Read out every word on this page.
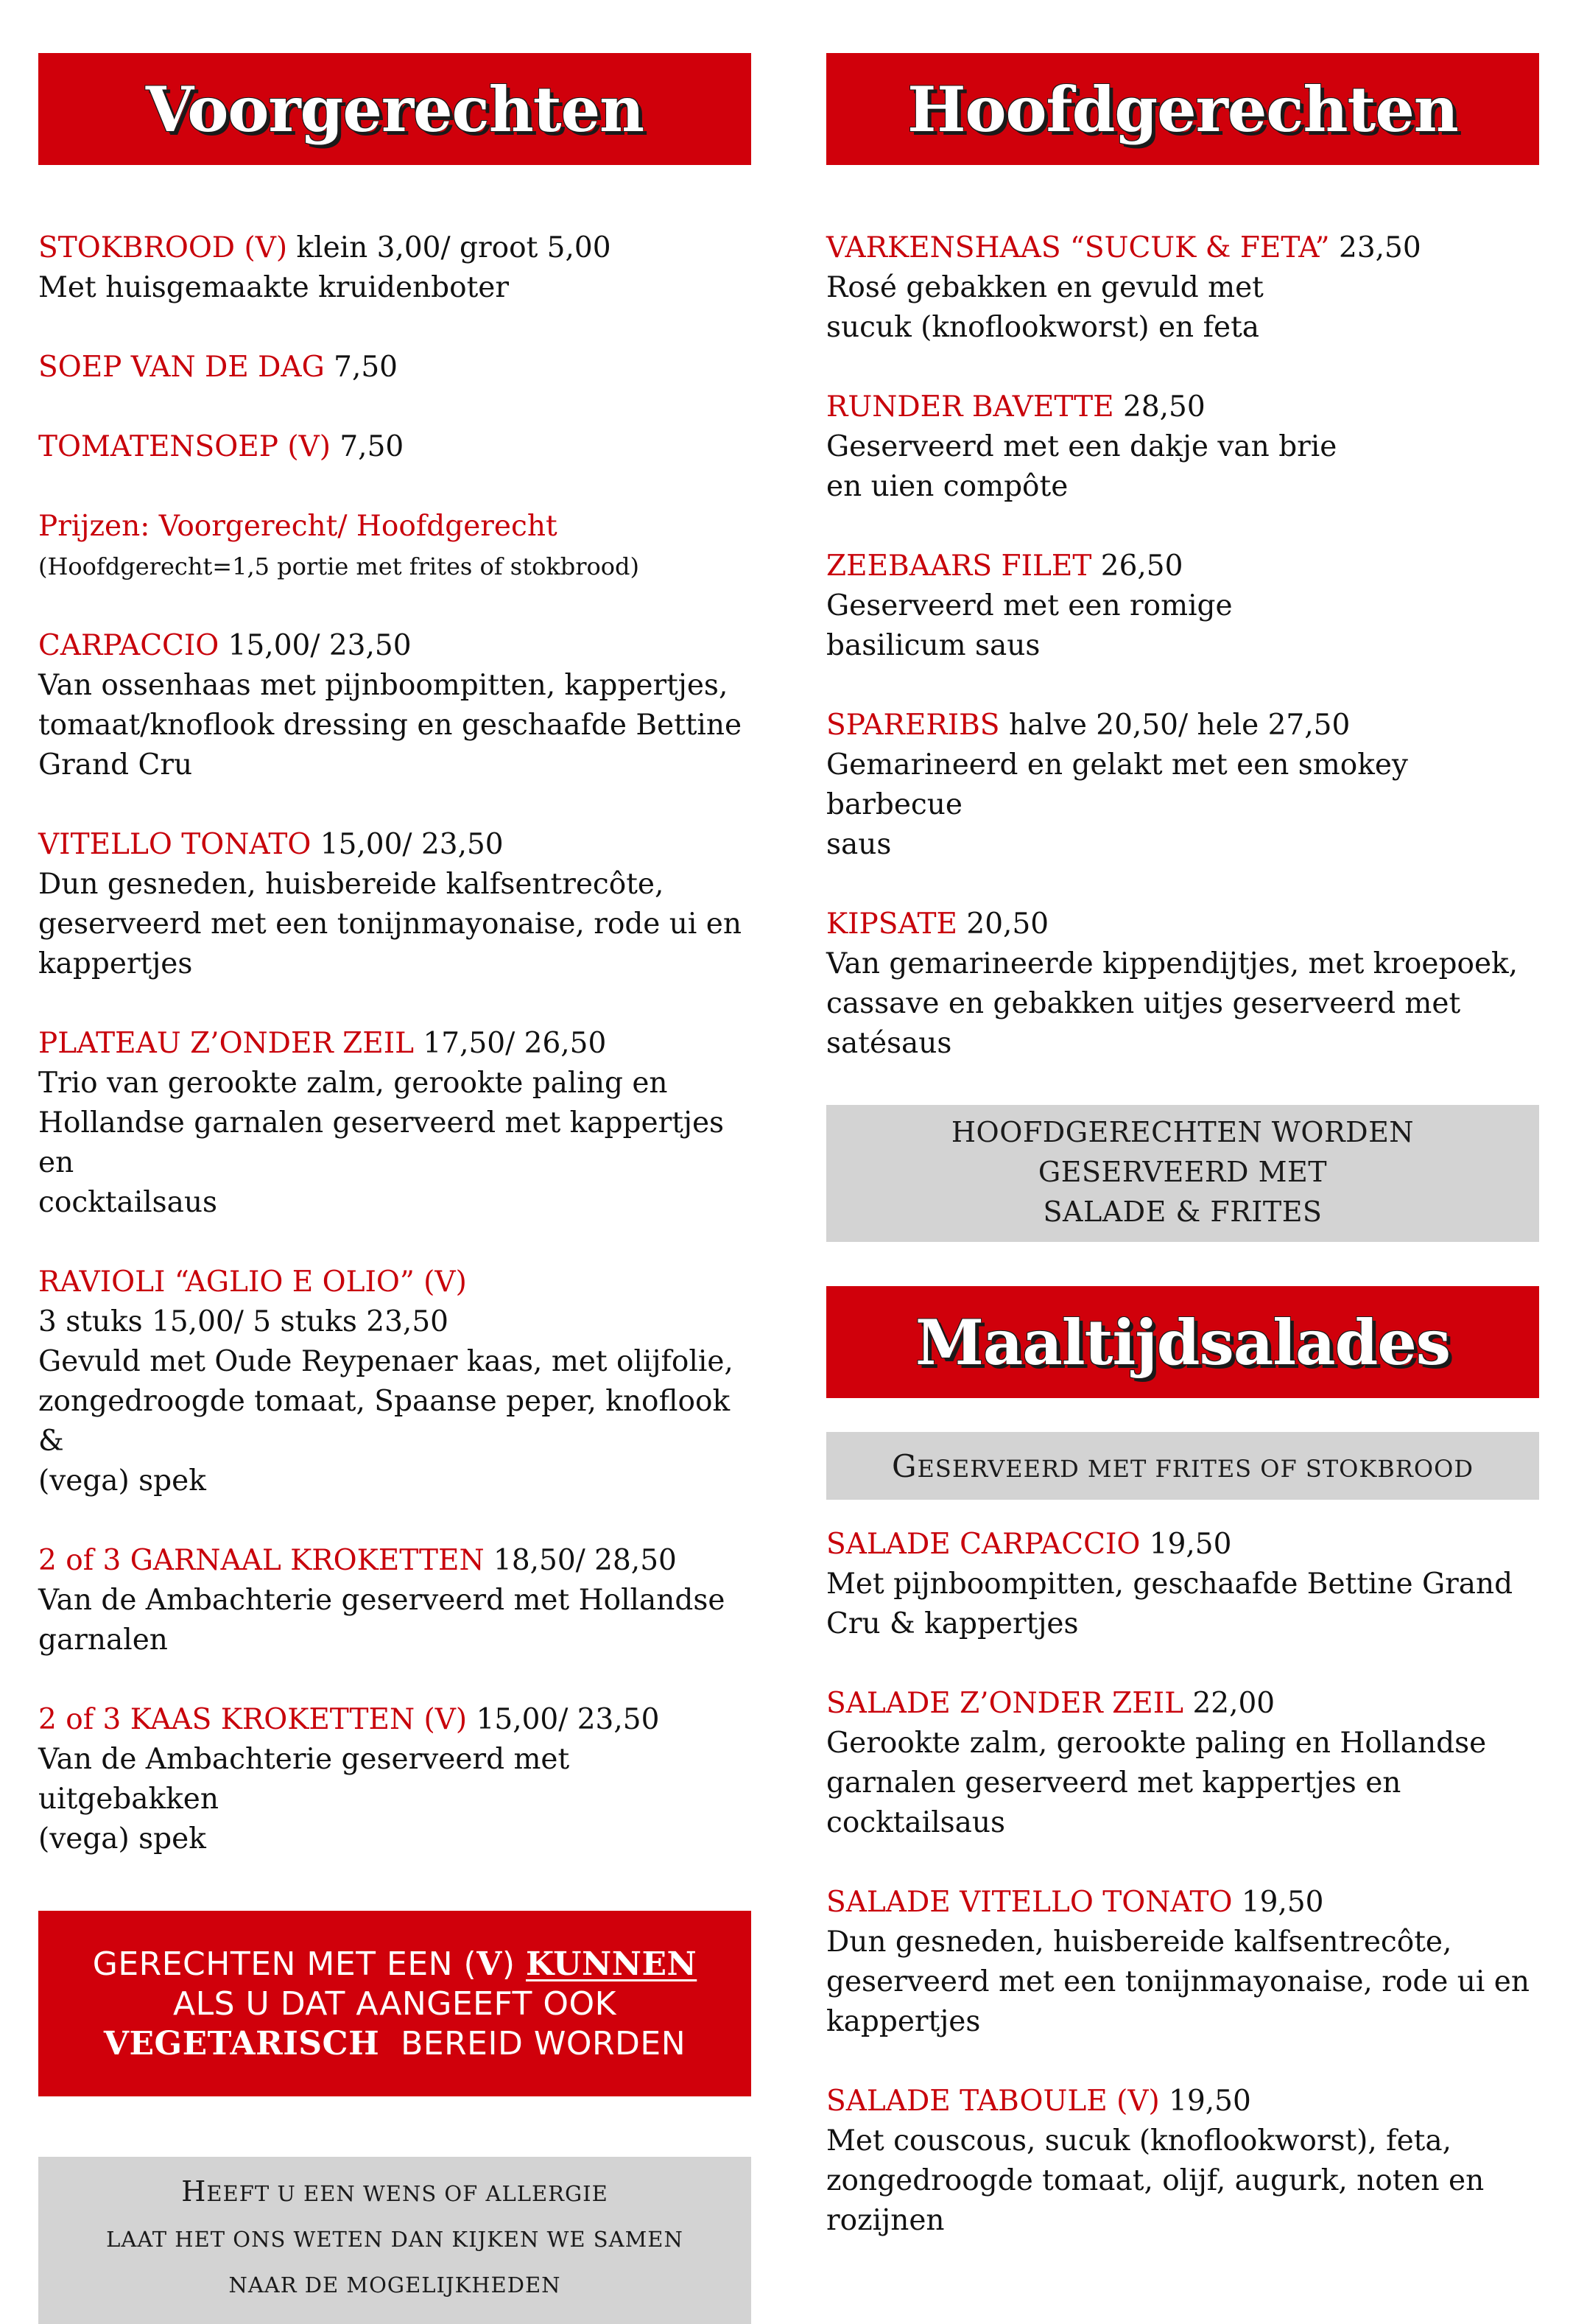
Voorgerechten

STOKBROOD (V) klein 3,00/ groot 5,00
Met huisgemaakte kruidenboter

SOEP VAN DE DAG 7,50

TOMATENSOEP (V) 7,50

Prijzen: Voorgerecht/ Hoofdgerecht
(Hoofdgerecht=1,5 portie met frites of stokbrood)

CARPACCIO 15,00/ 23,50
Van ossenhaas met pijnboompitten, kappertjes,
tomaat/knoflook dressing en geschaafde Bettine
Grand Cru

VITELLO TONATO 15,00/ 23,50
Dun gesneden, huisbereide kalfsentrecôte,
geserveerd met een tonijnmayonaise, rode ui en
kappertjes

PLATEAU Z’ONDER ZEIL 17,50/ 26,50
Trio van gerookte zalm, gerookte paling en
Hollandse garnalen geserveerd met kappertjes en
cocktailsaus

RAVIOLI “AGLIO E OLIO” (V)
3 stuks 15,00/ 5 stuks 23,50
Gevuld met Oude Reypenaer kaas, met olijfolie,
zongedroogde tomaat, Spaanse peper, knoflook &
(vega) spek

2 of 3 GARNAAL KROKETTEN 18,50/ 28,50
Van de Ambachterie geserveerd met Hollandse
garnalen

2 of 3 KAAS KROKETTEN (V) 15,00/ 23,50
Van de Ambachterie geserveerd met uitgebakken
(vega) spek

GERECHTEN MET EEN (V) KUNNEN
ALS U DAT AANGEEFT OOK
VEGETARISCH  BEREID WORDEN
HEEFT U EEN WENS OF ALLERGIE
LAAT HET ONS WETEN DAN KIJKEN WE SAMEN
NAAR DE MOGELIJKHEDEN
Hoofdgerechten

VARKENSHAAS “SUCUK & FETA” 23,50
Rosé gebakken en gevuld met
sucuk (knoflookworst) en feta

RUNDER BAVETTE 28,50
Geserveerd met een dakje van brie
en uien compôte

ZEEBAARS FILET 26,50
Geserveerd met een romige
basilicum saus

SPARERIBS halve 20,50/ hele 27,50
Gemarineerd en gelakt met een smokey barbecue
saus

KIPSATE 20,50
Van gemarineerde kippendijtjes, met kroepoek,
cassave en gebakken uitjes geserveerd met
satésaus

HOOFDGERECHTEN WORDEN
GESERVEERD MET
SALADE & FRITES
Maaltijdsalades
GESERVEERD MET FRITES OF STOKBROOD

SALADE CARPACCIO 19,50
Met pijnboompitten, geschaafde Bettine Grand
Cru & kappertjes

SALADE Z’ONDER ZEIL 22,00
Gerookte zalm, gerookte paling en Hollandse
garnalen geserveerd met kappertjes en
cocktailsaus

SALADE VITELLO TONATO 19,50
Dun gesneden, huisbereide kalfsentrecôte,
geserveerd met een tonijnmayonaise, rode ui en
kappertjes

SALADE TABOULE (V) 19,50
Met couscous, sucuk (knoflookworst), feta,
zongedroogde tomaat, olijf, augurk, noten en
rozijnen
